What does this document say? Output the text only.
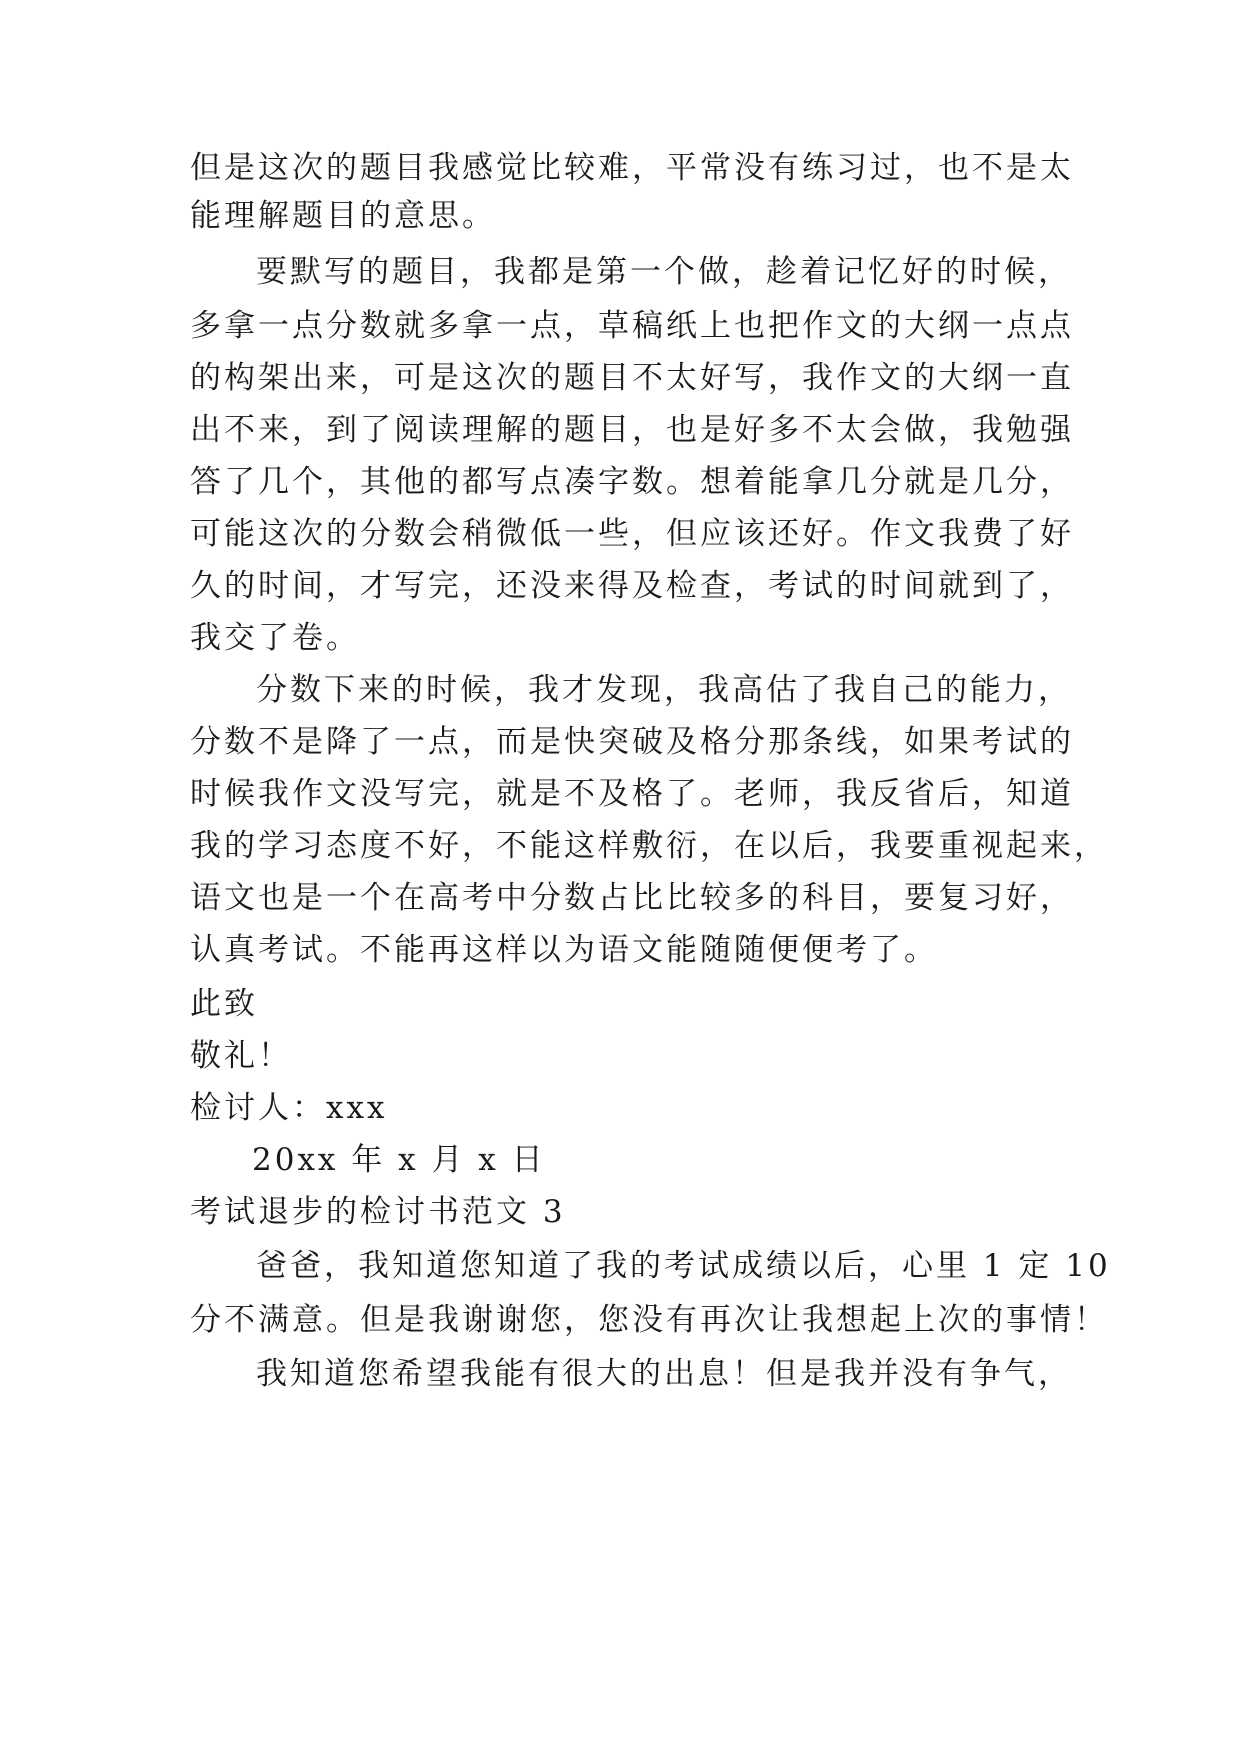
但是这次的题目我感觉比较难，平常没有练习过，也不是太
能理解题目的意思。
要默写的题目，我都是第一个做，趁着记忆好的时候，
多拿一点分数就多拿一点，草稿纸上也把作文的大纲一点点
的构架出来，可是这次的题目不太好写，我作文的大纲一直
出不来，到了阅读理解的题目，也是好多不太会做，我勉强
答了几个，其他的都写点凑字数。想着能拿几分就是几分，
可能这次的分数会稍微低一些，但应该还好。作文我费了好
久的时间，才写完，还没来得及检查，考试的时间就到了，
我交了卷。
分数下来的时候，我才发现，我高估了我自己的能力，
分数不是降了一点，而是快突破及格分那条线，如果考试的
时候我作文没写完，就是不及格了。老师，我反省后，知道
我的学习态度不好，不能这样敷衍，在以后，我要重视起来，
语文也是一个在高考中分数占比比较多的科目，要复习好，
认真考试。不能再这样以为语文能随随便便考了。
此致
敬礼！
检讨人：xxx
20xx 年 x 月 x 日
考试退步的检讨书范文 3
爸爸，我知道您知道了我的考试成绩以后，心里 1 定 10
分不满意。但是我谢谢您，您没有再次让我想起上次的事情！
我知道您希望我能有很大的出息！但是我并没有争气，
